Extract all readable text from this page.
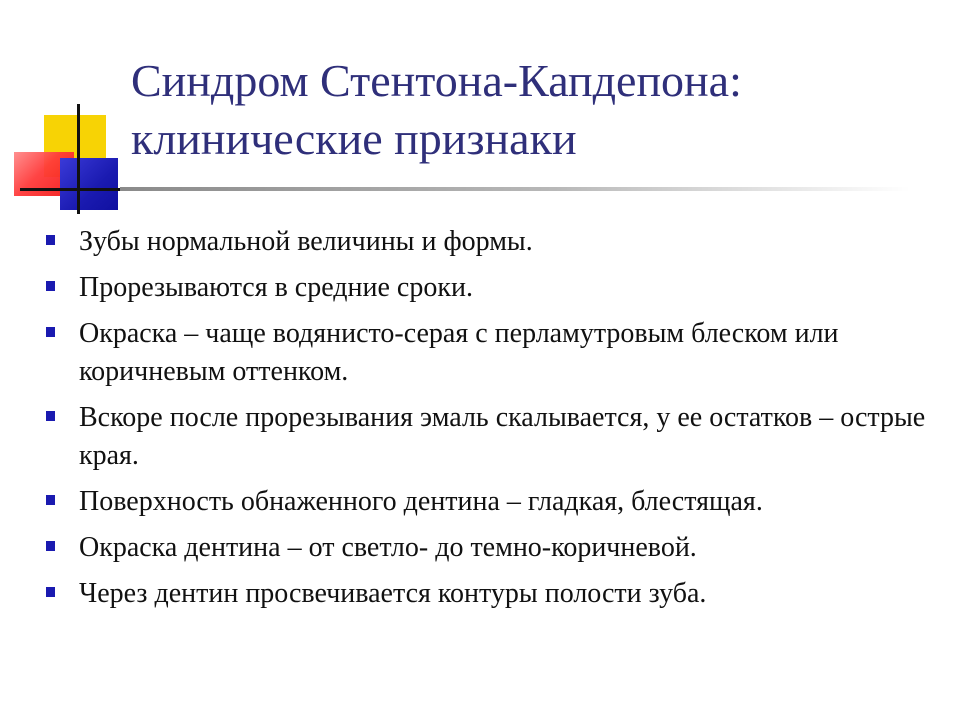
Синдром Стентона-Капдепона:
клинические признаки
Зубы нормальной величины и формы.
Прорезываются в средние сроки.
Окраска – чаще водянисто-серая с перламутровым блеском или коричневым оттенком.
Вскоре после прорезывания эмаль скалывается, у ее остатков – острые края.
Поверхность обнаженного дентина – гладкая, блестящая.
Окраска дентина – от светло- до темно-коричневой.
Через дентин просвечивается контуры полости зуба.
